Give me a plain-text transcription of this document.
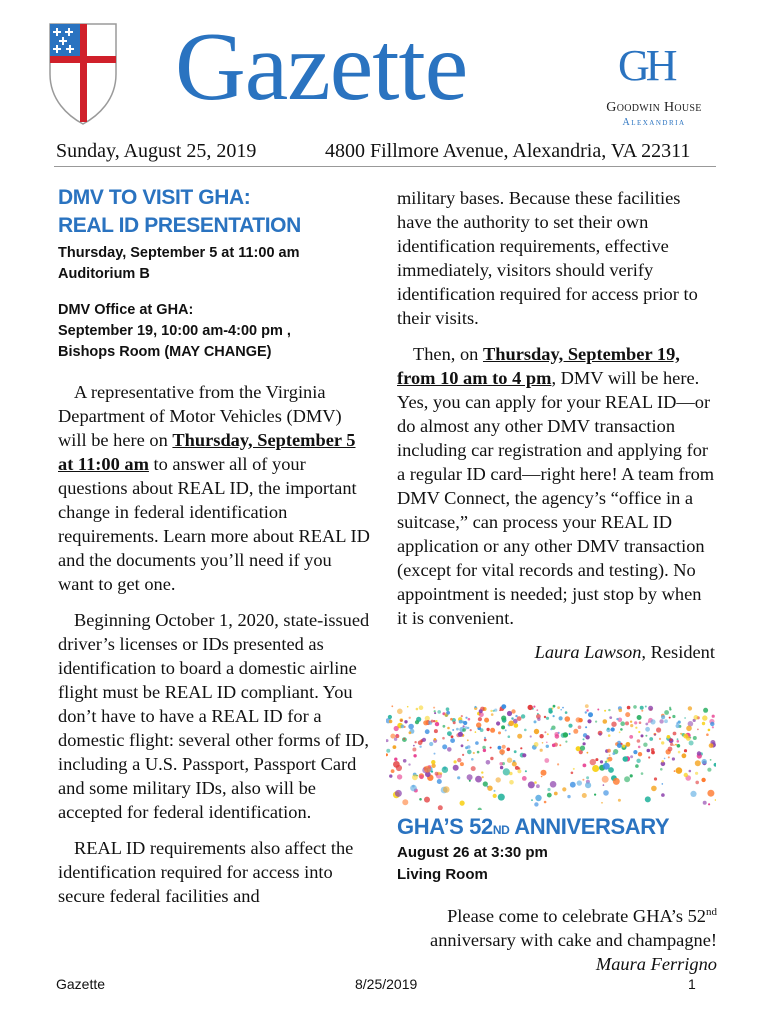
Gazette	GH
Goodwin House
Alexandria
Sunday, August 25, 2019	4800 Fillmore Avenue, Alexandria, VA 22311
DMV TO VISIT GHA:
REAL ID PRESENTATION
Thursday, September 5 at 11:00 am
Auditorium B
DMV Office at GHA:
September 19, 10:00 am-4:00 pm ,
Bishops Room (MAY CHANGE)

A representative from the Virginia Department of Motor Vehicles (DMV) will be here on Thursday, September 5 at 11:00 am to answer all of your questions about REAL ID, the important change in federal identification requirements. Learn more about REAL ID and the documents you’ll need if you want to get one.

Beginning October 1, 2020, state-issued driver’s licenses or IDs presented as identification to board a domestic airline flight must be REAL ID compliant. You don’t have to have a REAL ID for a domestic flight: several other forms of ID, including a U.S. Passport, Passport Card and some military IDs, also will be accepted for federal identification.

REAL ID requirements also affect the identification required for access into secure federal facilities and

military bases. Because these facilities have the authority to set their own identification requirements, effective immediately, visitors should verify identification required for access prior to their visits.

Then, on Thursday, September 19, from 10 am to 4 pm, DMV will be here. Yes, you can apply for your REAL ID—or do almost any other DMV transaction including car registration and applying for a regular ID card—right here! A team from DMV Connect, the agency’s “office in a suitcase,” can process your REAL ID application or any other DMV transaction (except for vital records and testing). No appointment is needed; just stop by when it is convenient.

Laura Lawson, Resident
GHA’S 52ND ANNIVERSARY
August 26 at 3:30 pm
Living Room

Please come to celebrate GHA’s 52nd anniversary with cake and champagne!

Maura Ferrigno
Gazette	8/25/2019	1
